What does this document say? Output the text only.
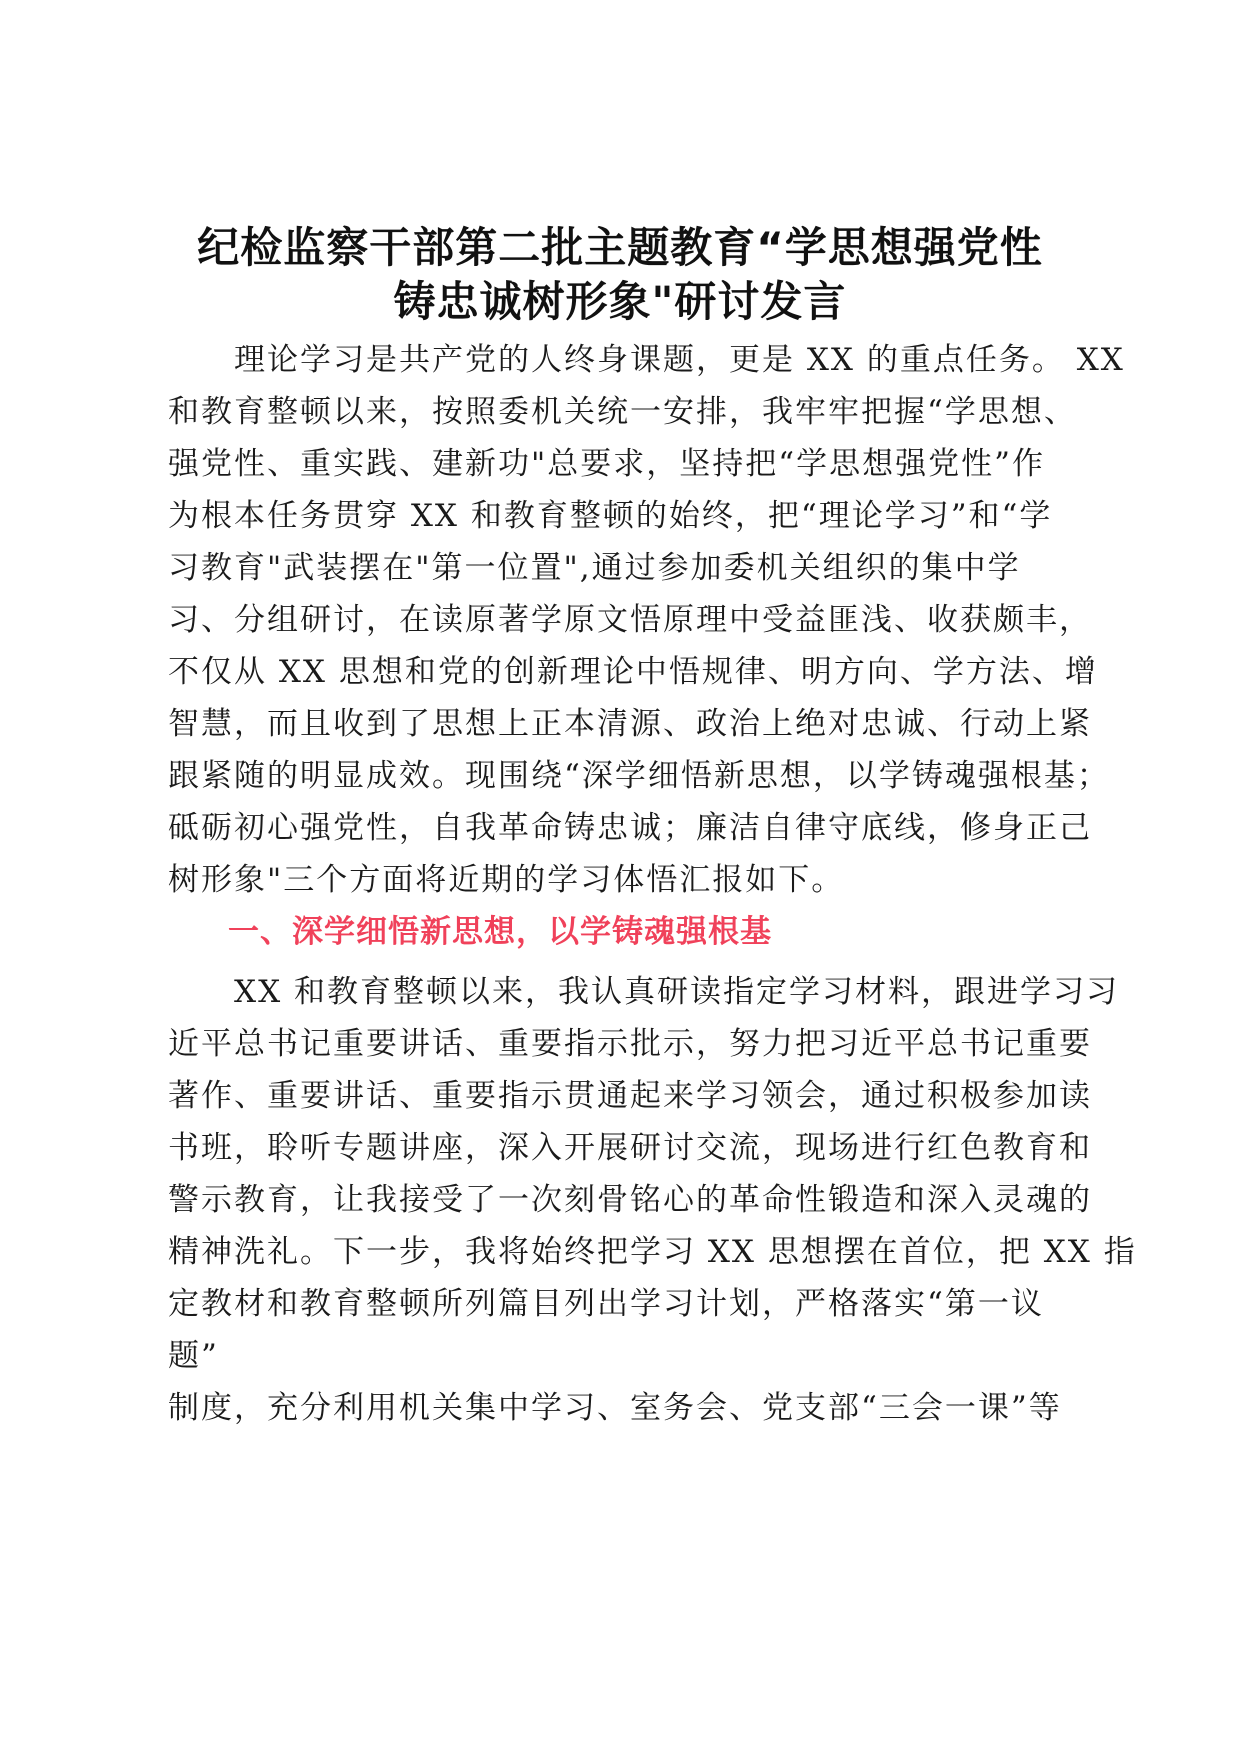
纪检监察干部第二批主题教育“学思想强党性
铸忠诚树形象"研讨发言
　　理论学习是共产党的人终身课题，更是 XX 的重点任务。 XX
和教育整顿以来，按照委机关统一安排，我牢牢把握“学思想、
强党性、重实践、建新功"总要求，坚持把“学思想强党性”作
为根本任务贯穿 XX 和教育整顿的始终，把“理论学习”和“学
习教育"武装摆在"第一位置",通过参加委机关组织的集中学
习、分组研讨，在读原著学原文悟原理中受益匪浅、收获颇丰，
不仅从 XX 思想和党的创新理论中悟规律、明方向、学方法、增
智慧，而且收到了思想上正本清源、政治上绝对忠诚、行动上紧
跟紧随的明显成效。现围绕“深学细悟新思想，以学铸魂强根基；
砥砺初心强党性，自我革命铸忠诚；廉洁自律守底线，修身正己
树形象"三个方面将近期的学习体悟汇报如下。
一、深学细悟新思想，以学铸魂强根基
　　XX 和教育整顿以来，我认真研读指定学习材料，跟进学习习
近平总书记重要讲话、重要指示批示，努力把习近平总书记重要
著作、重要讲话、重要指示贯通起来学习领会，通过积极参加读
书班，聆听专题讲座，深入开展研讨交流，现场进行红色教育和
警示教育，让我接受了一次刻骨铭心的革命性锻造和深入灵魂的
精神洗礼。下一步，我将始终把学习 XX 思想摆在首位，把 XX 指
定教材和教育整顿所列篇目列出学习计划，严格落实“第一议
题”
制度，充分利用机关集中学习、室务会、党支部“三会一课”等
